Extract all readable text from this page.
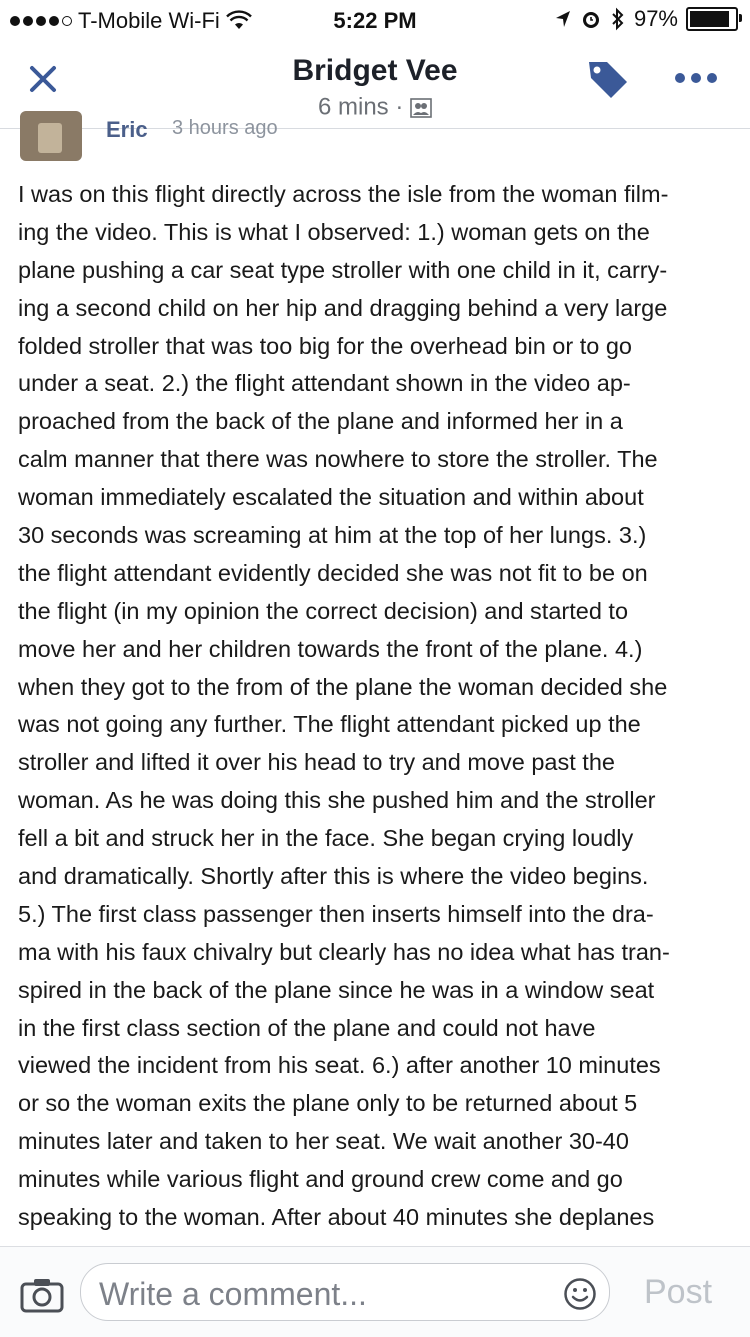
T-Mobile Wi-Fi	5:22 PM	97%
Bridget Vee
6 mins ·
Eric 3 hours ago
I was on this flight directly across the isle from the woman film-
ing the video. This is what I observed: 1.) woman gets on the
plane pushing a car seat type stroller with one child in it, carry-
ing a second child on her hip and dragging behind a very large
folded stroller that was too big for the overhead bin or to go
under a seat. 2.) the flight attendant shown in the video ap-
proached from the back of the plane and informed her in a
calm manner that there was nowhere to store the stroller. The
woman immediately escalated the situation and within about
30 seconds was screaming at him at the top of her lungs. 3.)
the flight attendant evidently decided she was not fit to be on
the flight (in my opinion the correct decision) and started to
move her and her children towards the front of the plane. 4.)
when they got to the from of the plane the woman decided she
was not going any further. The flight attendant picked up the
stroller and lifted it over his head to try and move past the
woman. As he was doing this she pushed him and the stroller
fell a bit and struck her in the face. She began crying loudly
and dramatically. Shortly after this is where the video begins.
5.) The first class passenger then inserts himself into the dra-
ma with his faux chivalry but clearly has no idea what has tran-
spired in the back of the plane since he was in a window seat
in the first class section of the plane and could not have
viewed the incident from his seat. 6.) after another 10 minutes
or so the woman exits the plane only to be returned about 5
minutes later and taken to her seat. We wait another 30-40
minutes while various flight and ground crew come and go
speaking to the woman. After about 40 minutes she deplanes
Write a comment...	Post
